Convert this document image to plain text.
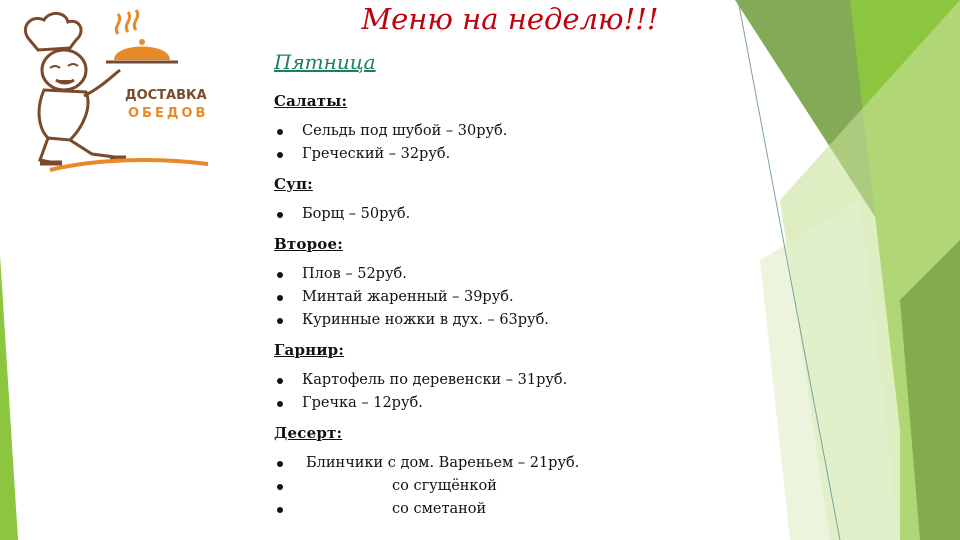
ДОСТАВКА
ОБЕДОВ
Меню на неделю!!!
Пятница
Салаты:
Сельдь под шубой – 30руб.
Греческий – 32руб.
Суп:
Борщ – 50руб.
Второе:
Плов – 52руб.
Минтай жаренный – 39руб.
Куринные ножки в дух. – 63руб.
Гарнир:
Картофель по деревенски – 31руб.
Гречка – 12руб.
Десерт:
Блинчики с дом. Вареньем – 21руб.
со сгущёнкой
со сметаной
